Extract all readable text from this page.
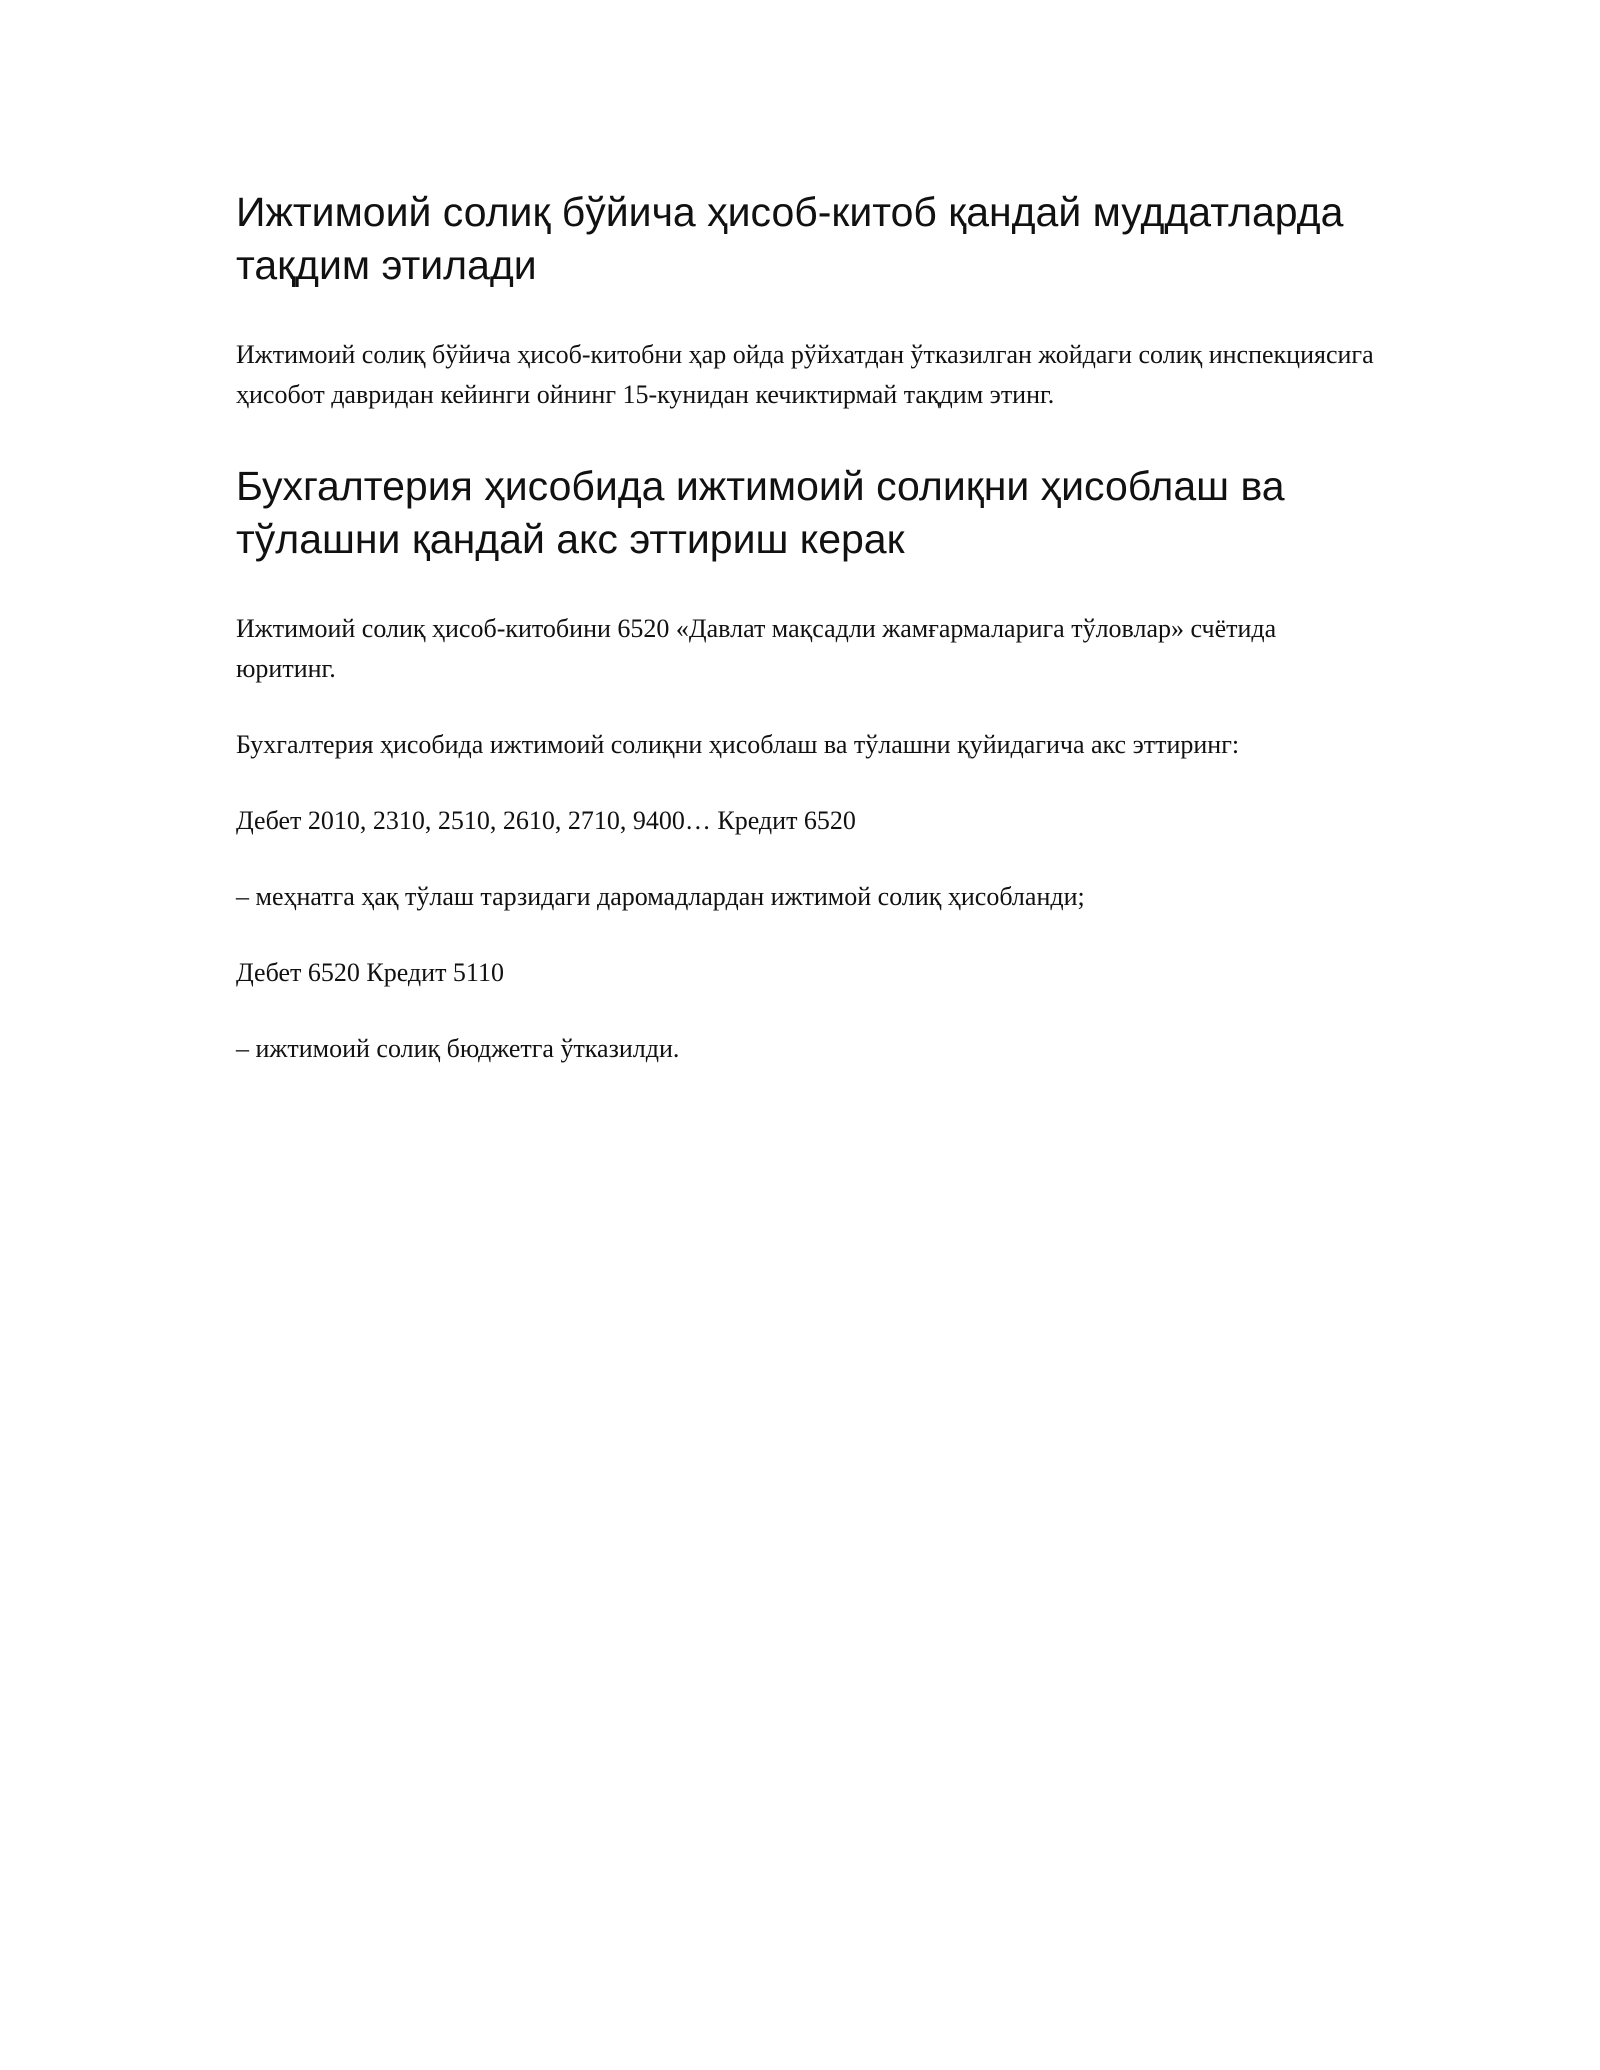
Ижтимоий солиқ бўйича ҳисоб-китоб қандай муддатларда тақдим этилади

Ижтимоий солиқ бўйича ҳисоб-китобни ҳар ойда рўйхатдан ўтказилган жойдаги солиқ инспекциясига ҳисобот давридан кейинги ойнинг 15-кунидан кечиктирмай тақдим этинг.

Бухгалтерия ҳисобида ижтимоий солиқни ҳисоблаш ва тўлашни қандай акс эттириш керак

Ижтимоий солиқ ҳисоб-китобини 6520 «Давлат мақсадли жамғармаларига тўловлар» счётида юритинг.

Бухгалтерия ҳисобида ижтимоий солиқни ҳисоблаш ва тўлашни қуйидагича акс эттиринг:

Дебет 2010, 2310, 2510, 2610, 2710, 9400… Кредит 6520

– меҳнатга ҳақ тўлаш тарзидаги даромадлардан ижтимой солиқ ҳисобланди;

Дебет 6520 Кредит 5110

– ижтимоий солиқ бюджетга ўтказилди.
